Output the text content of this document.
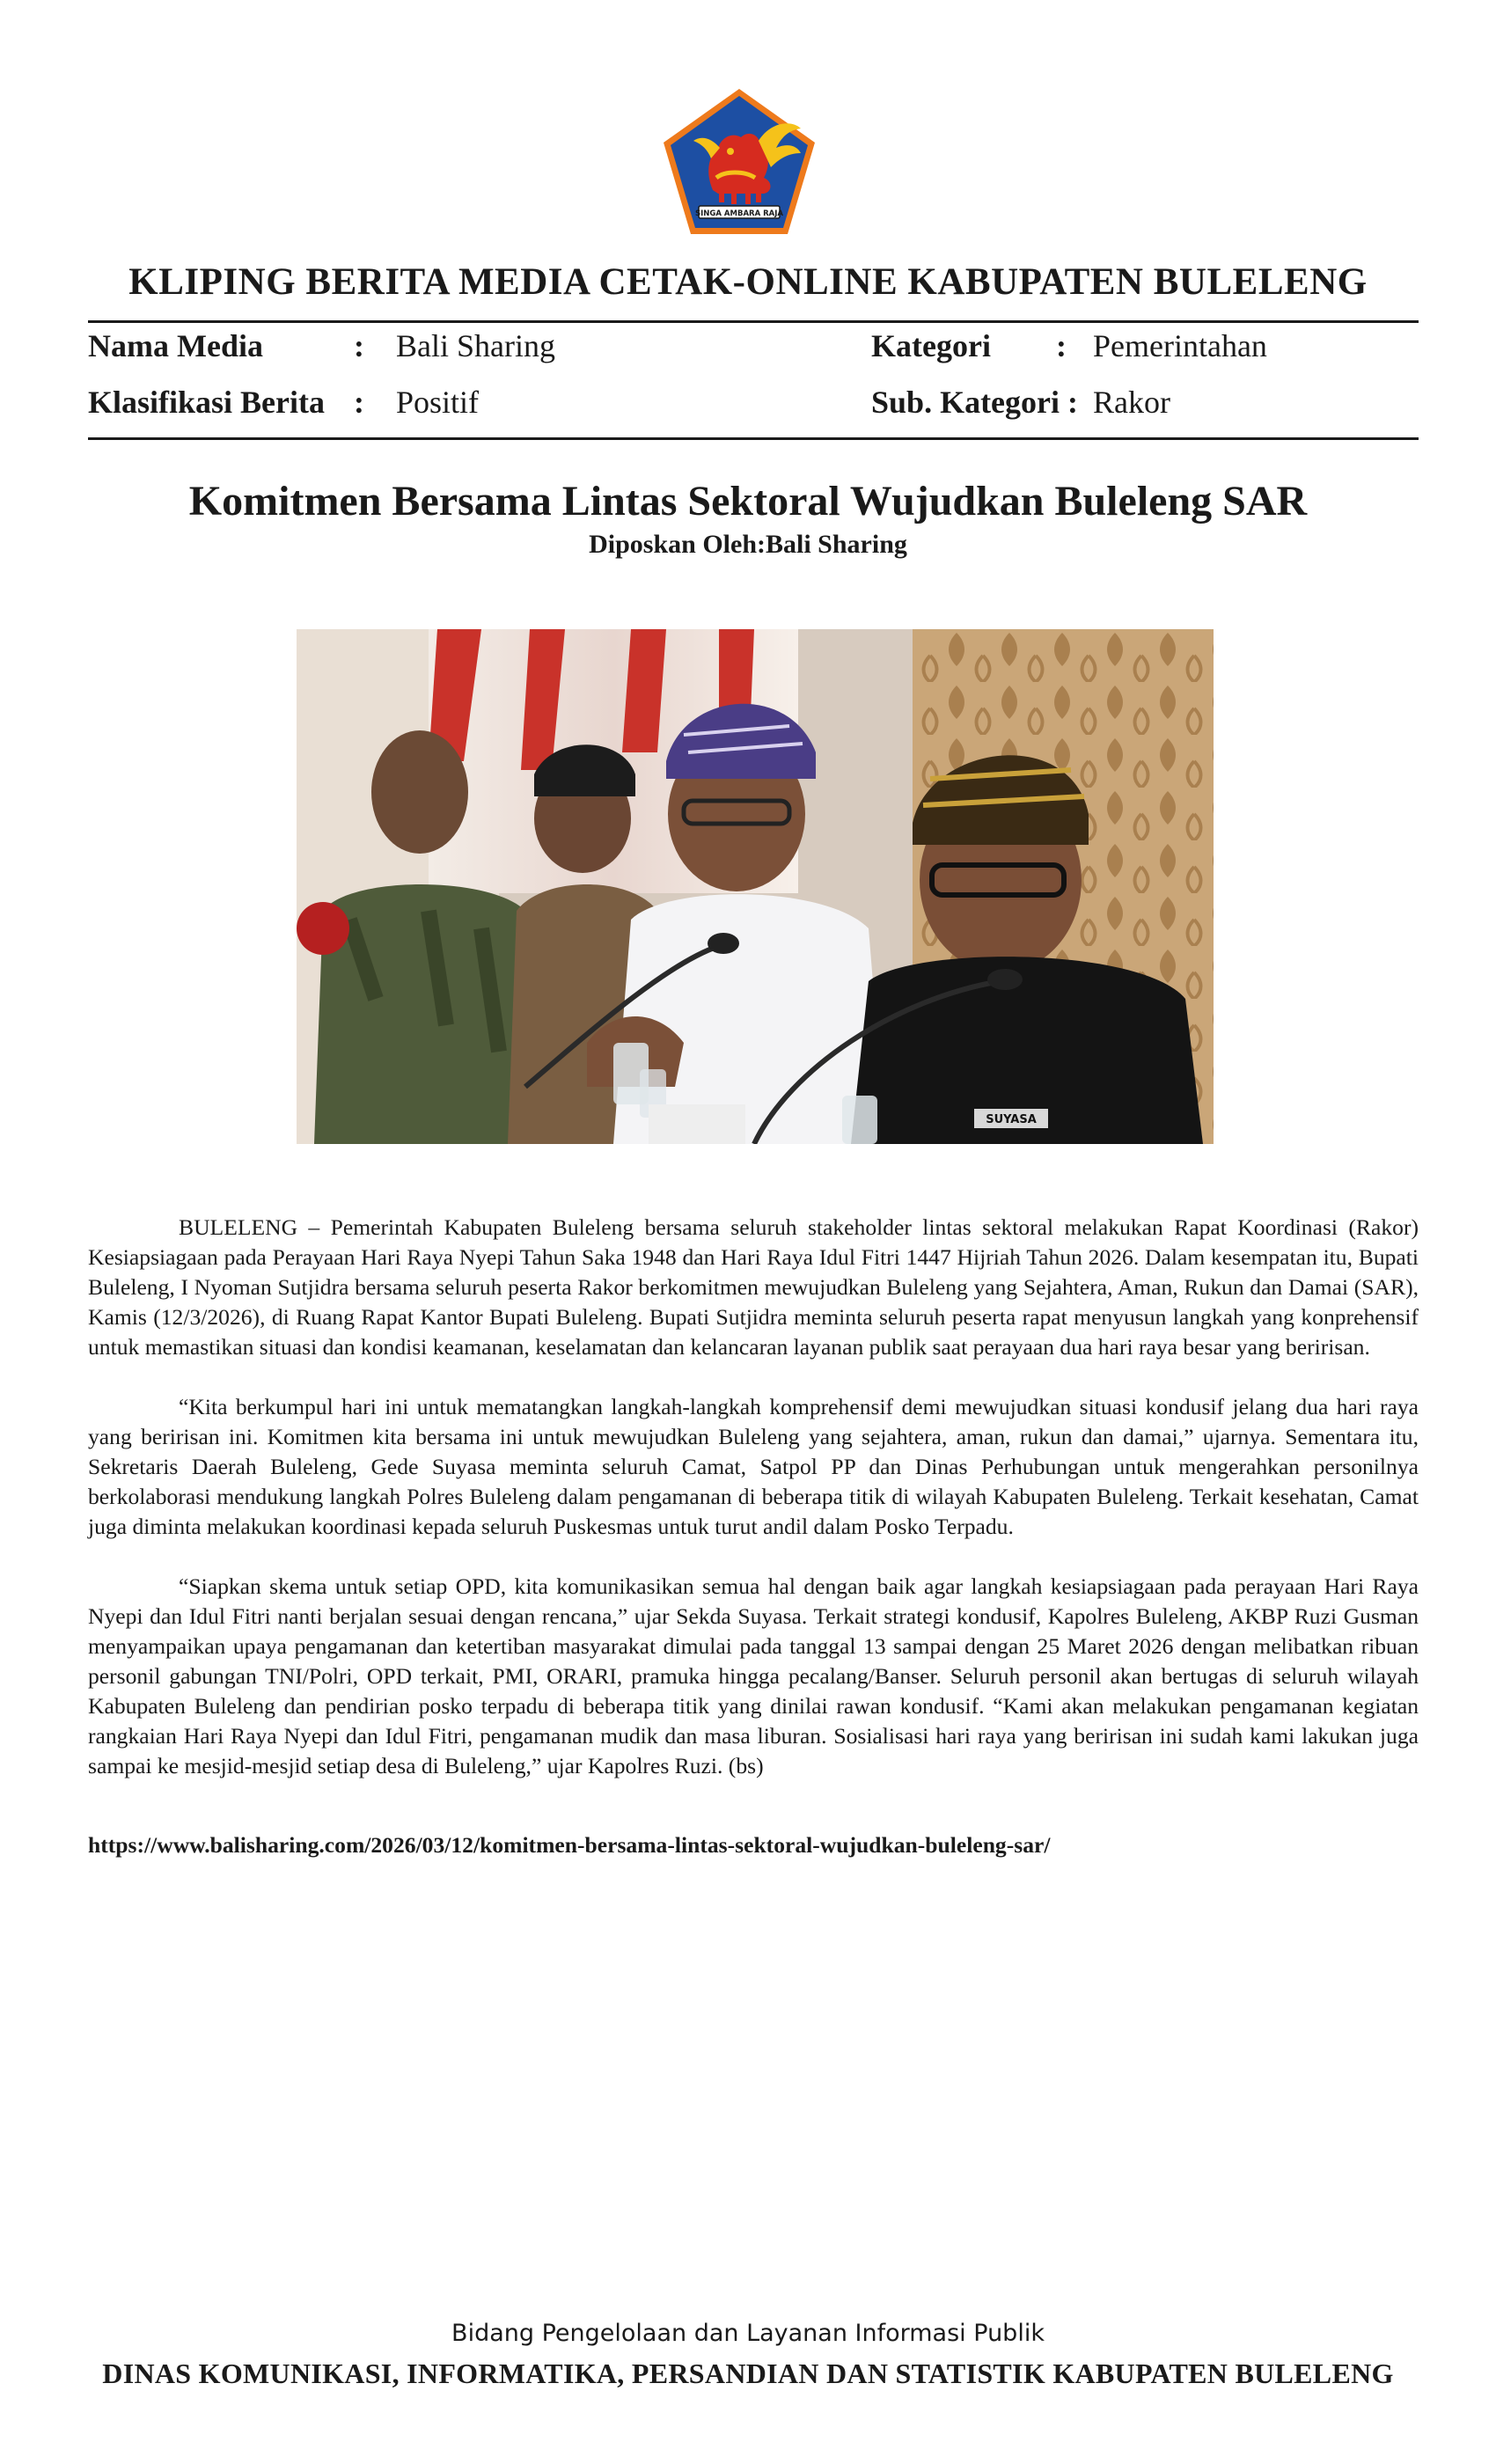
SINGA AMBARA RAJA
KLIPING BERITA MEDIA CETAK-ONLINE KABUPATEN BULELENG
Nama Media	: Bali Sharing
Klasifikasi Berita : Positif
Kategori : Pemerintahan
Sub. Kategori : Rakor
Komitmen Bersama Lintas Sektoral Wujudkan Buleleng SAR
Diposkan Oleh:Bali Sharing
SUYASA

BULELENG – Pemerintah Kabupaten Buleleng bersama seluruh stakeholder lintas sektoral melakukan Rapat Koordinasi (Rakor) Kesiapsiagaan pada Perayaan Hari Raya Nyepi Tahun Saka 1948 dan Hari Raya Idul Fitri 1447 Hijriah Tahun 2026. Dalam kesempatan itu, Bupati Buleleng, I Nyoman Sutjidra bersama seluruh peserta Rakor berkomitmen mewujudkan Buleleng yang Sejahtera, Aman, Rukun dan Damai (SAR), Kamis (12/3/2026), di Ruang Rapat Kantor Bupati Buleleng. Bupati Sutjidra meminta seluruh peserta rapat menyusun langkah yang konprehensif untuk memastikan situasi dan kondisi keamanan, keselamatan dan kelancaran layanan publik saat perayaan dua hari raya besar yang beririsan.

“Kita berkumpul hari ini untuk mematangkan langkah-langkah komprehensif demi mewujudkan situasi kondusif jelang dua hari raya yang beririsan ini. Komitmen kita bersama ini untuk mewujudkan Buleleng yang sejahtera, aman, rukun dan damai,” ujarnya. Sementara itu, Sekretaris Daerah Buleleng, Gede Suyasa meminta seluruh Camat, Satpol PP dan Dinas Perhubungan untuk mengerahkan personilnya berkolaborasi mendukung langkah Polres Buleleng dalam pengamanan di beberapa titik di wilayah Kabupaten Buleleng. Terkait kesehatan, Camat juga diminta melakukan koordinasi kepada seluruh Puskesmas untuk turut andil dalam Posko Terpadu.

“Siapkan skema untuk setiap OPD, kita komunikasikan semua hal dengan baik agar langkah kesiapsiagaan pada perayaan Hari Raya Nyepi dan Idul Fitri nanti berjalan sesuai dengan rencana,” ujar Sekda Suyasa. Terkait strategi kondusif, Kapolres Buleleng, AKBP Ruzi Gusman menyampaikan upaya pengamanan dan ketertiban masyarakat dimulai pada tanggal 13 sampai dengan 25 Maret 2026 dengan melibatkan ribuan personil gabungan TNI/Polri, OPD terkait, PMI, ORARI, pramuka hingga pecalang/Banser. Seluruh personil akan bertugas di seluruh wilayah Kabupaten Buleleng dan pendirian posko terpadu di beberapa titik yang dinilai rawan kondusif. “Kami akan melakukan pengamanan kegiatan rangkaian Hari Raya Nyepi dan Idul Fitri, pengamanan mudik dan masa liburan. Sosialisasi hari raya yang beririsan ini sudah kami lakukan juga sampai ke mesjid-mesjid setiap desa di Buleleng,” ujar Kapolres Ruzi. (bs)

https://www.balisharing.com/2026/03/12/komitmen-bersama-lintas-sektoral-wujudkan-buleleng-sar/
Bidang Pengelolaan dan Layanan Informasi Publik
DINAS KOMUNIKASI, INFORMATIKA, PERSANDIAN DAN STATISTIK KABUPATEN BULELENG
